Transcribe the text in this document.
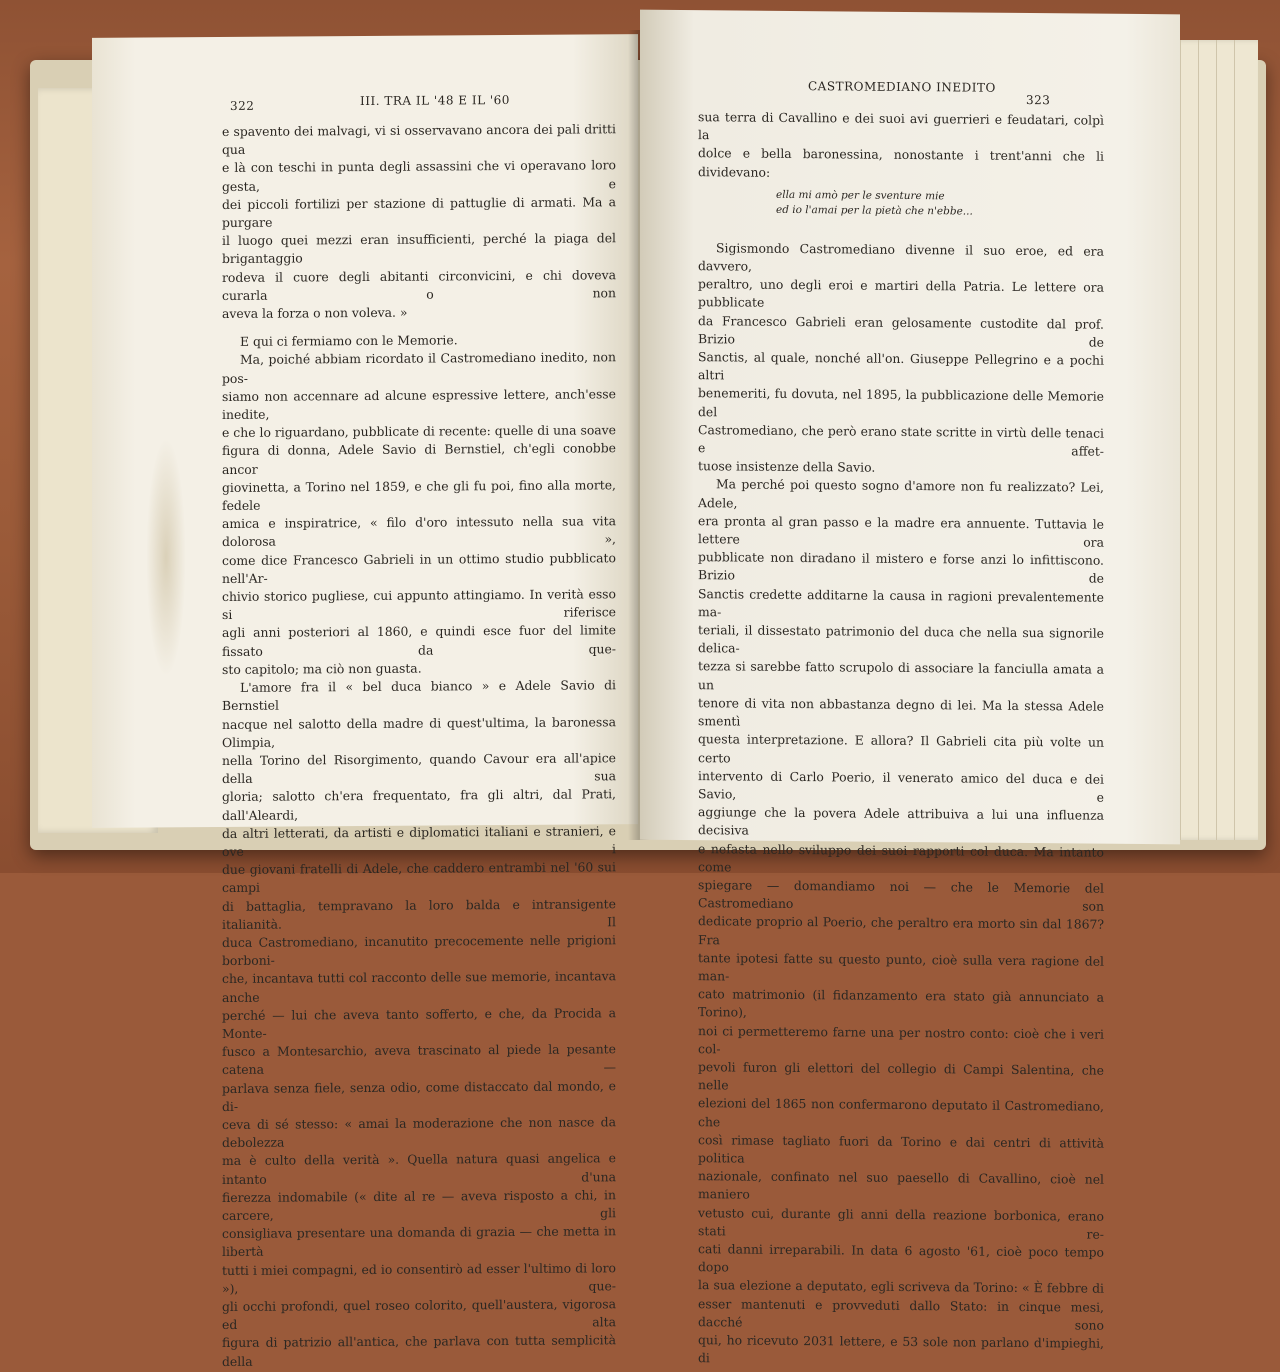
322	III. TRA IL '48 E IL '60

e spavento dei malvagi, vi si osservavano ancora dei pali dritti qua

e là con teschi in punta degli assassini che vi operavano loro gesta, e

dei piccoli fortilizi per stazione di pattuglie di armati. Ma a purgare

il luogo quei mezzi eran insufficienti, perché la piaga del brigantaggio

rodeva il cuore degli abitanti circonvicini, e chi doveva curarla o non

aveva la forza o non voleva. »

E qui ci fermiamo con le Memorie.

Ma, poiché abbiam ricordato il Castromediano inedito, non pos-

siamo non accennare ad alcune espressive lettere, anch'esse inedite,

e che lo riguardano, pubblicate di recente: quelle di una soave

figura di donna, Adele Savio di Bernstiel, ch'egli conobbe ancor

giovinetta, a Torino nel 1859, e che gli fu poi, fino alla morte, fedele

amica e inspiratrice, « filo d'oro intessuto nella sua vita dolorosa »,

come dice Francesco Gabrieli in un ottimo studio pubblicato nell'Ar-

chivio storico pugliese, cui appunto attingiamo. In verità esso si riferisce

agli anni posteriori al 1860, e quindi esce fuor del limite fissato da que-

sto capitolo; ma ciò non guasta.

L'amore fra il « bel duca bianco » e Adele Savio di Bernstiel

nacque nel salotto della madre di quest'ultima, la baronessa Olimpia,

nella Torino del Risorgimento, quando Cavour era all'apice della sua

gloria; salotto ch'era frequentato, fra gli altri, dal Prati, dall'Aleardi,

da altri letterati, da artisti e diplomatici italiani e stranieri, e ove i

due giovani fratelli di Adele, che caddero entrambi nel '60 sui campi

di battaglia, tempravano la loro balda e intransigente italianità. Il

duca Castromediano, incanutito precocemente nelle prigioni borboni-

che, incantava tutti col racconto delle sue memorie, incantava anche

perché — lui che aveva tanto sofferto, e che, da Procida a Monte-

fusco a Montesarchio, aveva trascinato al piede la pesante catena —

parlava senza fiele, senza odio, come distaccato dal mondo, e di-

ceva di sé stesso: « amai la moderazione che non nasce da debolezza

ma è culto della verità ». Quella natura quasi angelica e intanto d'una

fierezza indomabile (« dite al re — aveva risposto a chi, in carcere, gli

consigliava presentare una domanda di grazia — che metta in libertà

tutti i miei compagni, ed io consentirò ad esser l'ultimo di loro »), que-

gli occhi profondi, quel roseo colorito, quell'austera, vigorosa ed alta

figura di patrizio all'antica, che parlava con tutta semplicità della

CASTROMEDIANO INEDITO
323

sua terra di Cavallino e dei suoi avi guerrieri e feudatari, colpì la

dolce e bella baronessina, nonostante i trent'anni che li dividevano:

ella mi amò per le sventure mie
ed io l'amai per la pietà che n'ebbe...

Sigismondo Castromediano divenne il suo eroe, ed era davvero,

peraltro, uno degli eroi e martiri della Patria. Le lettere ora pubblicate

da Francesco Gabrieli eran gelosamente custodite dal prof. Brizio de

Sanctis, al quale, nonché all'on. Giuseppe Pellegrino e a pochi altri

benemeriti, fu dovuta, nel 1895, la pubblicazione delle Memorie del

Castromediano, che però erano state scritte in virtù delle tenaci e affet-

tuose insistenze della Savio.

Ma perché poi questo sogno d'amore non fu realizzato? Lei, Adele,

era pronta al gran passo e la madre era annuente. Tuttavia le lettere ora

pubblicate non diradano il mistero e forse anzi lo infittiscono. Brizio de

Sanctis credette additarne la causa in ragioni prevalentemente ma-

teriali, il dissestato patrimonio del duca che nella sua signorile delica-

tezza si sarebbe fatto scrupolo di associare la fanciulla amata a un

tenore di vita non abbastanza degno di lei. Ma la stessa Adele smentì

questa interpretazione. E allora? Il Gabrieli cita più volte un certo

intervento di Carlo Poerio, il venerato amico del duca e dei Savio, e

aggiunge che la povera Adele attribuiva a lui una influenza decisiva

e nefasta nello sviluppo dei suoi rapporti col duca. Ma intanto come

spiegare — domandiamo noi — che le Memorie del Castromediano son

dedicate proprio al Poerio, che peraltro era morto sin dal 1867? Fra

tante ipotesi fatte su questo punto, cioè sulla vera ragione del man-

cato matrimonio (il fidanzamento era stato già annunciato a Torino),

noi ci permetteremo farne una per nostro conto: cioè che i veri col-

pevoli furon gli elettori del collegio di Campi Salentina, che nelle

elezioni del 1865 non confermarono deputato il Castromediano, che

così rimase tagliato fuori da Torino e dai centri di attività politica

nazionale, confinato nel suo paesello di Cavallino, cioè nel maniero

vetusto cui, durante gli anni della reazione borbonica, erano stati re-

cati danni irreparabili. In data 6 agosto '61, cioè poco tempo dopo

la sua elezione a deputato, egli scriveva da Torino: « È febbre di

esser mantenuti e provveduti dallo Stato: in cinque mesi, dacché sono

qui, ho ricevuto 2031 lettere, e 53 sole non parlano d'impieghi, di
